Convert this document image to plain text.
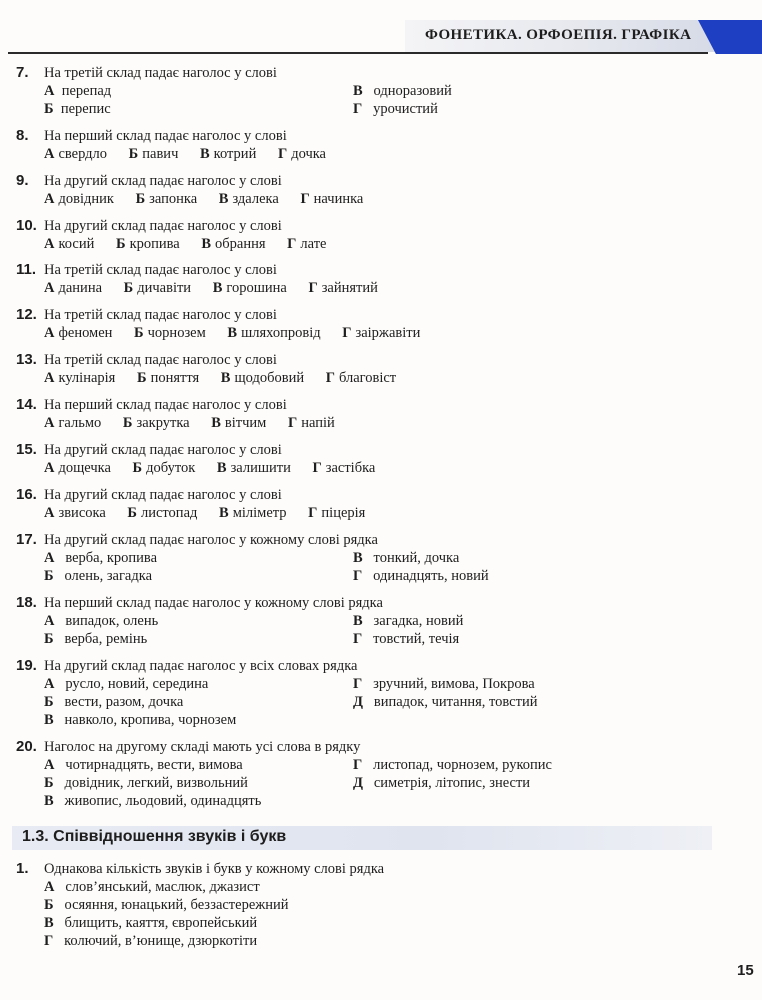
ФОНЕТИКА. ОРФОЕПІЯ. ГРАФІКА
7. На третій склад падає наголос у слові
А перепад
Б перепис
В одноразовий
Г урочистий
8. На перший склад падає наголос у слові
А свердло Б павич В котрий Г дочка
9. На другий склад падає наголос у слові
А довідник Б запонка В здалека Г начинка
10. На другий склад падає наголос у слові
А косий Б кропива В обрання Г лате
11. На третій склад падає наголос у слові
А данина Б дичавіти В горошина Г зайнятий
12. На третій склад падає наголос у слові
А феномен Б чорнозем В шляхопровід Г заіржавіти
13. На третій склад падає наголос у слові
А кулінарія Б поняття В щодобовий Г благовіст
14. На перший склад падає наголос у слові
А гальмо Б закрутка В вітчим Г напій
15. На другий склад падає наголос у слові
А дощечка Б добуток В залишити Г застібка
16. На другий склад падає наголос у слові
А звисока Б листопад В міліметр Г піцерія
17. На другий склад падає наголос у кожному слові рядка
А верба, кропива
Б олень, загадка
В тонкий, дочка
Г одинадцять, новий
18. На перший склад падає наголос у кожному слові рядка
А випадок, олень
Б верба, ремінь
В загадка, новий
Г товстий, течія
19. На другий склад падає наголос у всіх словах рядка
А русло, новий, середина
Б вести, разом, дочка
В навколо, кропива, чорнозем
Г зручний, вимова, Покрова
Д випадок, читання, товстий
20. Наголос на другому складі мають усі слова в рядку
А чотирнадцять, вести, вимова
Б довідник, легкий, визвольний
В живопис, льодовий, одинадцять
Г листопад, чорнозем, рукопис
Д симетрія, літопис, знести
1.3. Співвідношення звуків і букв
1. Однакова кількість звуків і букв у кожному слові рядка
А слов’янський, маслюк, джазист
Б осяяння, юнацький, беззастережний
В блищить, каяття, європейський
Г колючий, в’юнище, дзюркотіти
15
